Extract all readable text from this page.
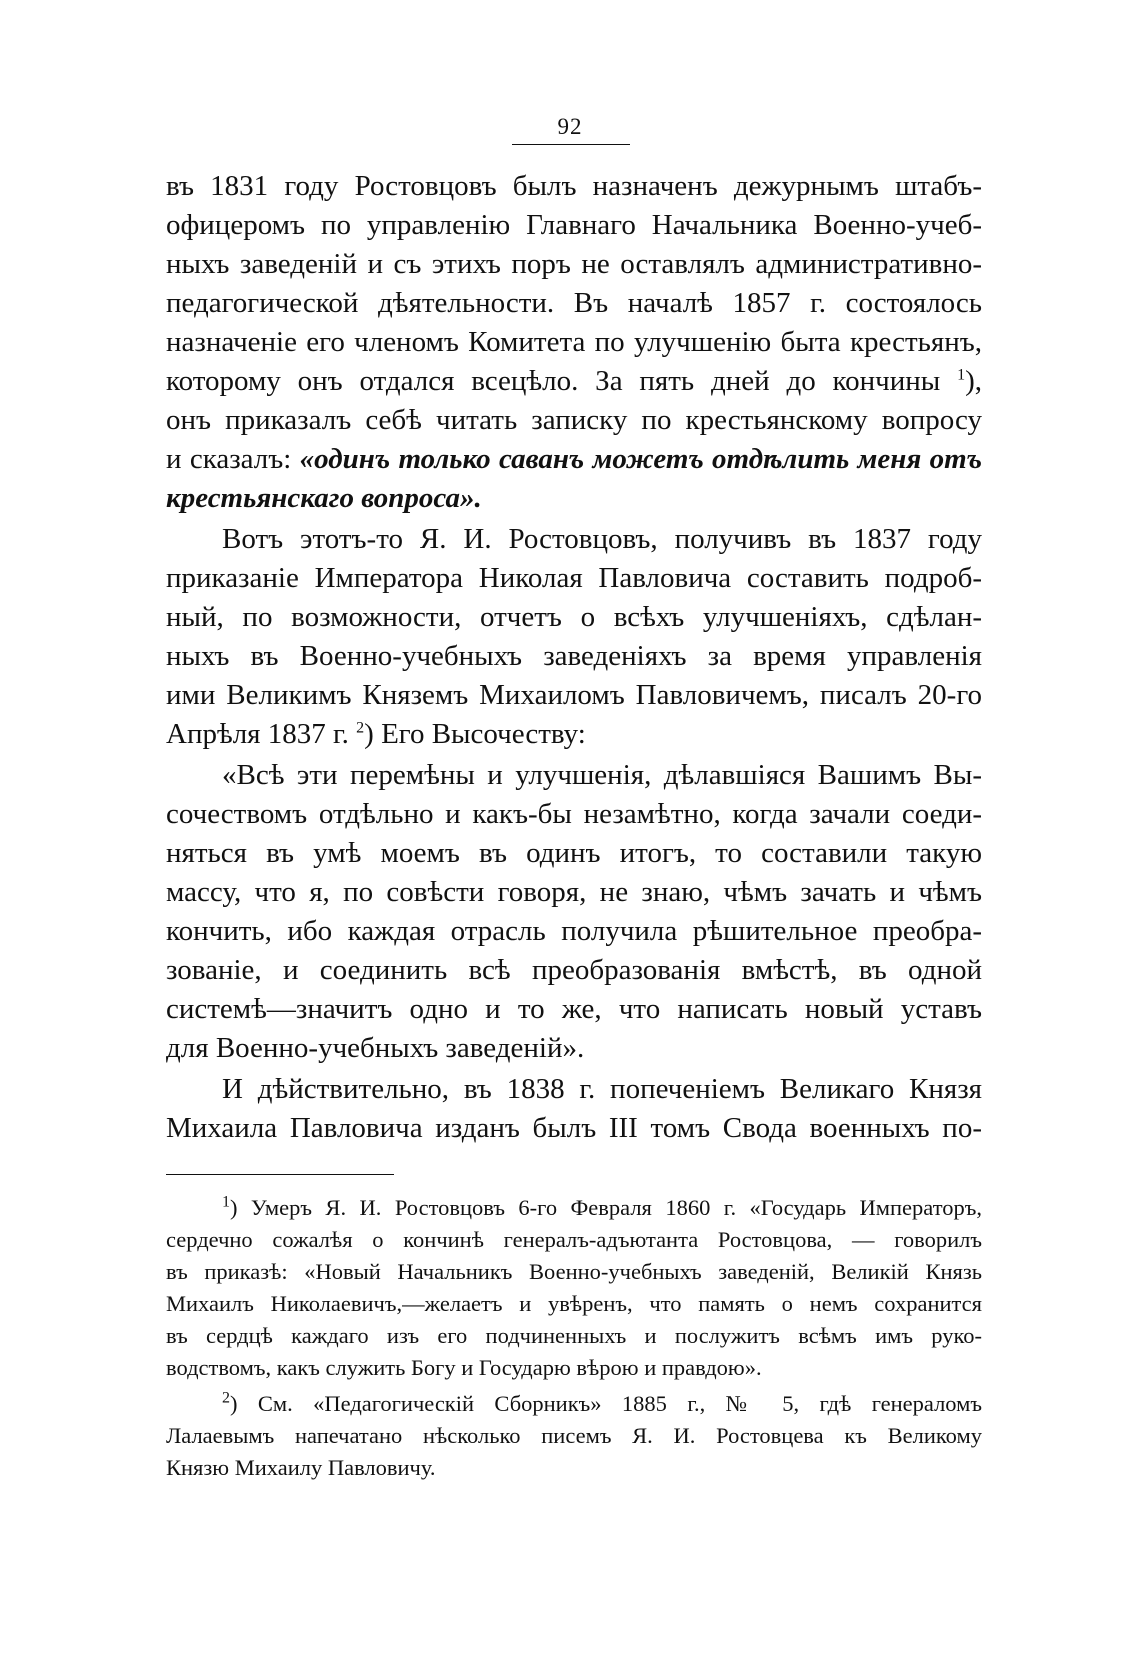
92
въ 1831 году Ростовцовъ былъ назначенъ дежурнымъ штабъ-
офицеромъ по управленію Главнаго Начальника Военно-учеб-
ныхъ заведеній и съ этихъ поръ не оставлялъ административно-
педагогической дѣятельности. Въ началѣ 1857 г. состоялось
назначеніе его членомъ Комитета по улучшенію быта крестьянъ,
которому онъ отдался всецѣло. За пять дней до кончины $^1$),
онъ приказалъ себѣ читать записку по крестьянскому вопросу
и сказалъ: «одинъ только саванъ можетъ отдѣлить меня отъ
крестьянскаго вопроса».
Вотъ этотъ-то Я. И. Ростовцовъ, получивъ въ 1837 году
приказаніе Императора Николая Павловича составить подроб-
ный, по возможности, отчетъ о всѣхъ улучшеніяхъ, сдѣлан-
ныхъ въ Военно-учебныхъ заведеніяхъ за время управленія
ими Великимъ Княземъ Михаиломъ Павловичемъ, писалъ 20-го
Апрѣля 1837 г. $^2$) Его Высочеству:
«Всѣ эти перемѣны и улучшенія, дѣлавшіяся Вашимъ Вы-
сочествомъ отдѣльно и какъ-бы незамѣтно, когда зачали соеди-
няться въ умѣ моемъ въ одинъ итогъ, то составили такую
массу, что я, по совѣсти говоря, не знаю, чѣмъ зачать и чѣмъ
кончить, ибо каждая отрасль получила рѣшительное преобра-
зованіе, и соединить всѣ преобразованія вмѣстѣ, въ одной
системѣ—значитъ одно и то же, что написать новый уставъ
для Военно-учебныхъ заведеній».
И дѣйствительно, въ 1838 г. попеченіемъ Великаго Князя
Михаила Павловича изданъ былъ III томъ Свода военныхъ по-
$^1$) Умеръ Я. И. Ростовцовъ 6-го Февраля 1860 г. «Государь Императоръ,
сердечно сожалѣя о кончинѣ генералъ-адъютанта Ростовцова, — говорилъ
въ приказѣ: «Новый Начальникъ Военно-учебныхъ заведеній, Великій Князь
Михаилъ Николаевичъ,—желаетъ и увѣренъ, что память о немъ сохранится
въ сердцѣ каждаго изъ его подчиненныхъ и послужитъ всѣмъ имъ руко-
водствомъ, какъ служить Богу и Государю вѣрою и правдою».
$^2$) См. «Педагогическій Сборникъ» 1885 г., № 5, гдѣ генераломъ
Лалаевымъ напечатано нѣсколько писемъ Я. И. Ростовцева къ Великому
Князю Михаилу Павловичу.
